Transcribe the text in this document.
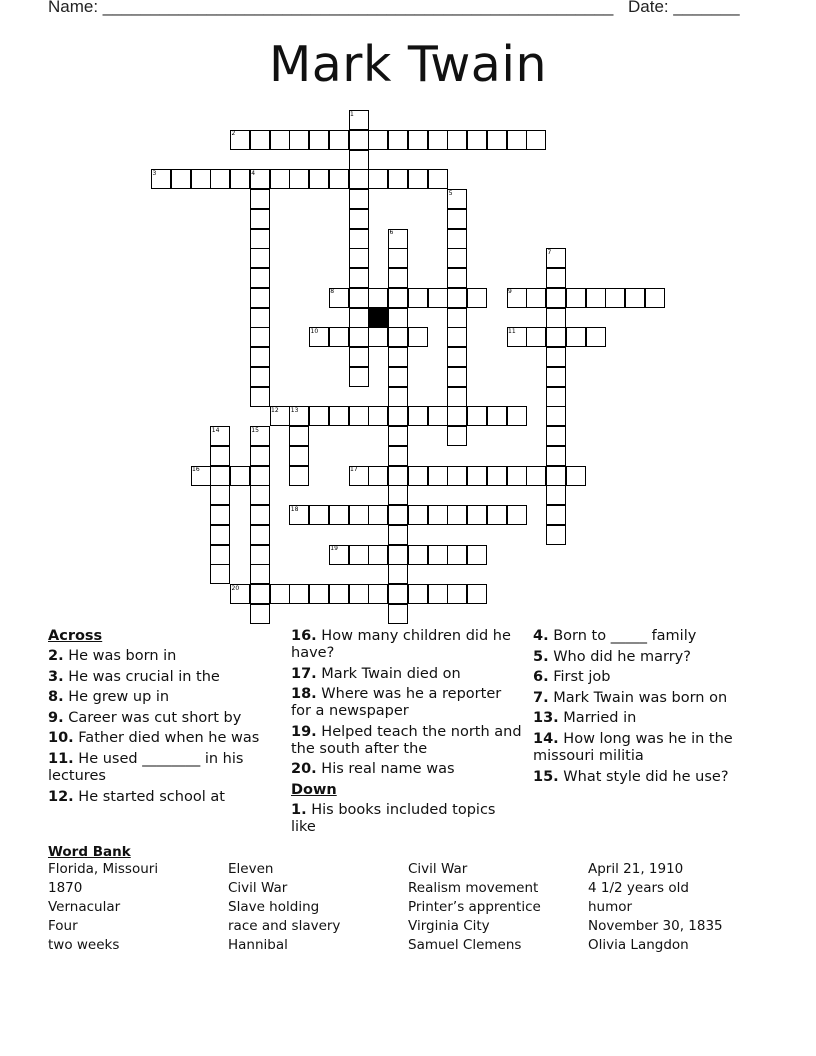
Name: ______________________________________________________ Date: _______
Mark Twain
2
3
8	9
10	11
12
16	17
18
19
20
1
4
5
6
7
13
14	15
Across
2. He was born in
3. He was crucial in the
8. He grew up in
9. Career was cut short by
10. Father died when he was
11. He used ________ in his lectures
12. He started school at
16. How many children did he have?
17. Mark Twain died on
18. Where was he a reporter for a newspaper
19. Helped teach the north and the south after the
20. His real name was
Down
1. His books included topics like
4. Born to _____ family
5. Who did he marry?
6. First job
7. Mark Twain was born on
13. Married in
14. How long was he in the missouri militia
15. What style did he use?
Word Bank
Florida, Missouri	Eleven	Civil War	April 21, 1910
1870	Civil War	Realism movement	4 1/2 years old
Vernacular	Slave holding	Printer’s apprentice	humor
Four	race and slavery	Virginia City	November 30, 1835
two weeks	Hannibal	Samuel Clemens	Olivia Langdon
